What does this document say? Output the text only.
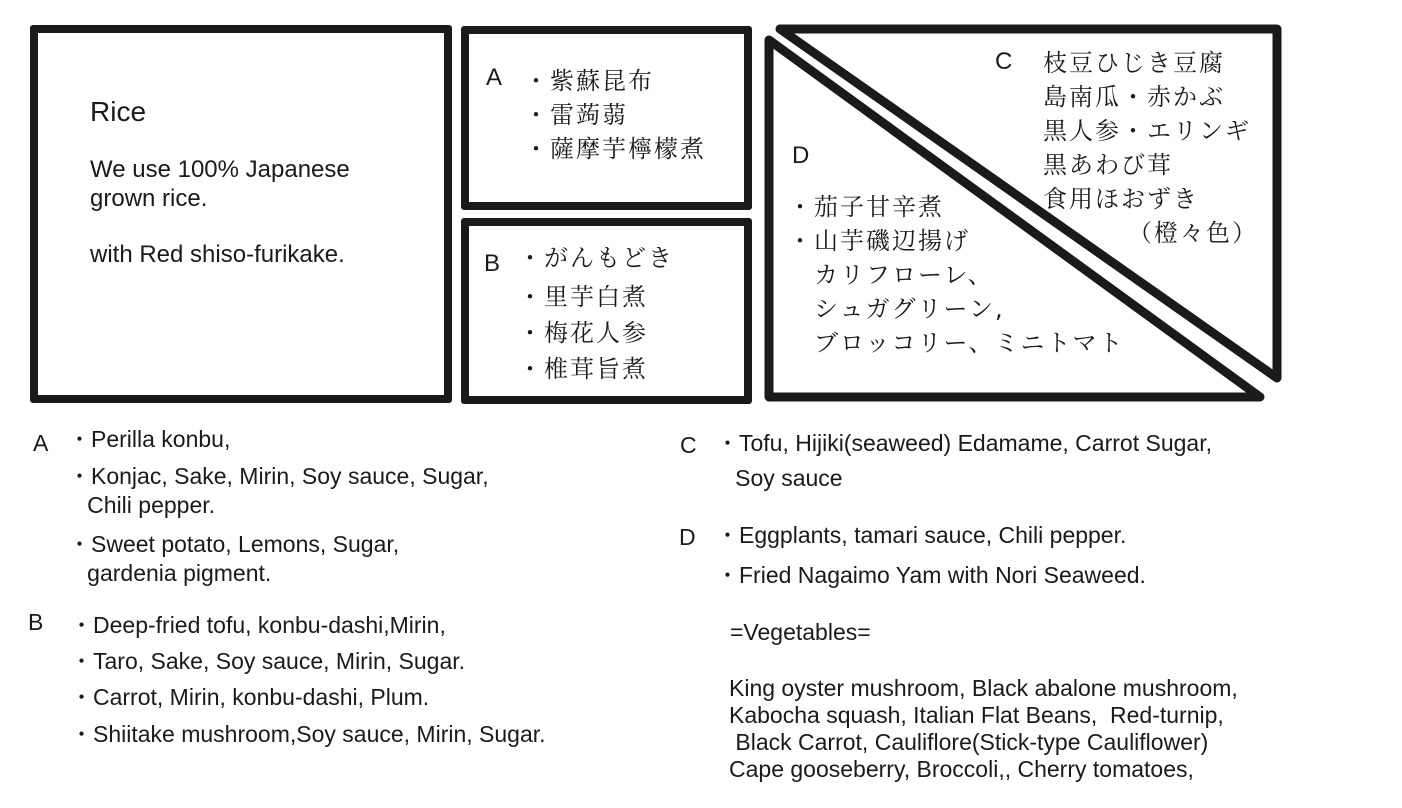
Rice
We use 100% Japanese
grown rice.
with Red shiso-furikake.
A ・紫蘇昆布
・雷蒟蒻
・薩摩芋檸檬煮
B ・がんもどき
・里芋白煮
・梅花人参
・椎茸旨煮
C 枝豆ひじき豆腐
島南瓜・赤かぶ
黒人参・エリンギ
黒あわび茸
食用ほおずき
（橙々色）
D
・茄子甘辛煮
・山芋磯辺揚げ
　カリフローレ、
　シュガグリーン,
　ブロッコリー、ミニトマト
A ・Perilla konbu,
・Konjac, Sake, Mirin, Soy sauce, Sugar,
Chili pepper.
・Sweet potato, Lemons, Sugar,
gardenia pigment.
B ・Deep-fried tofu, konbu-dashi,Mirin,
・Taro, Sake, Soy sauce, Mirin, Sugar.
・Carrot, Mirin, konbu-dashi, Plum.
・Shiitake mushroom,Soy sauce, Mirin, Sugar.
C ・Tofu, Hijiki(seaweed) Edamame, Carrot Sugar,
Soy sauce
D ・Eggplants, tamari sauce, Chili pepper.
・Fried Nagaimo Yam with Nori Seaweed.
=Vegetables=
King oyster mushroom, Black abalone mushroom,
Kabocha squash, Italian Flat Beans,  Red-turnip,
Black Carrot, Cauliflore(Stick-type Cauliflower)
Cape gooseberry, Broccoli,, Cherry tomatoes,
